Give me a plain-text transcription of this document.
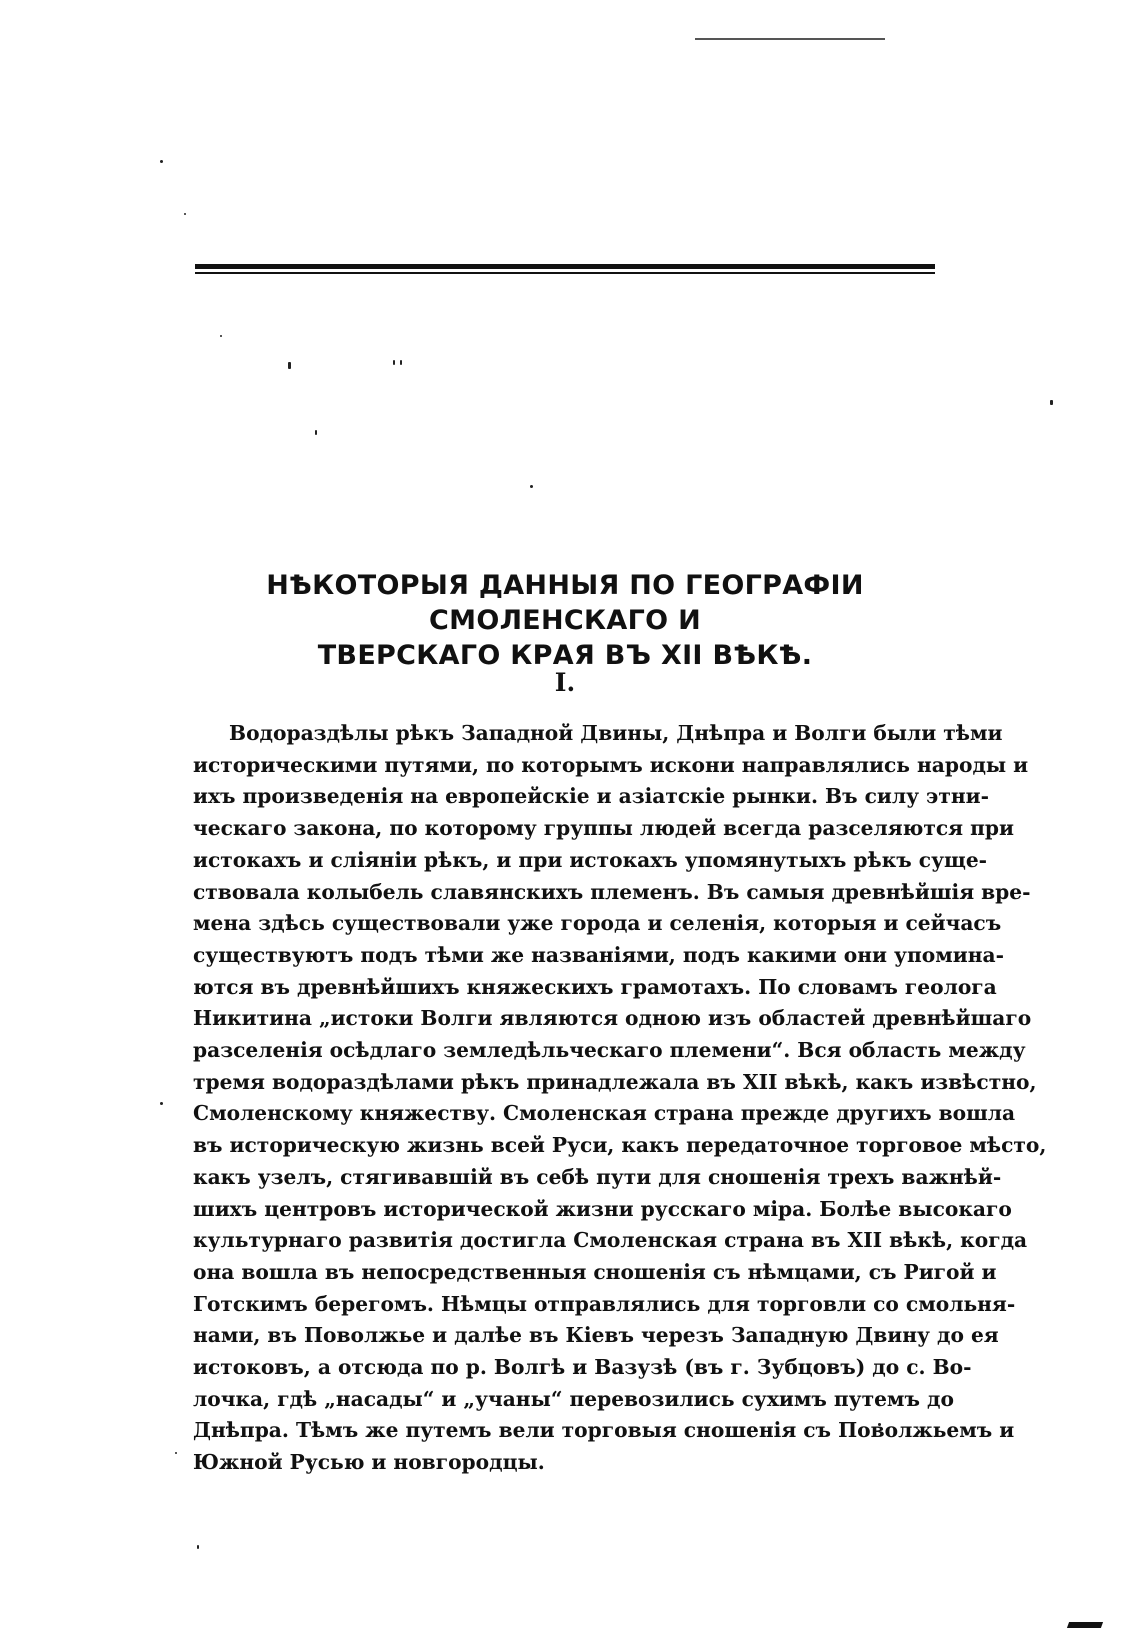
НѢКОТОРЫЯ ДАННЫЯ ПО ГЕОГРАФІИ СМОЛЕНСКАГО И
ТВЕРСКАГО КРАЯ ВЪ XII ВѢКѢ.
I.
Водораздѣлы рѣкъ Западной Двины, Днѣпра и Волги были тѣми
историческими путями, по которымъ искони направлялись народы и
ихъ произведенія на европейскіе и азіатскіе рынки. Въ силу этни-
ческаго закона, по которому группы людей всегда разселяются при
истокахъ и сліяніи рѣкъ, и при истокахъ упомянутыхъ рѣкъ суще-
ствовала колыбель славянскихъ племенъ. Въ самыя древнѣйшія вре-
мена здѣсь существовали уже города и селенія, которыя и сейчасъ
существуютъ подъ тѣми же названіями, подъ какими они упомина-
ются въ древнѣйшихъ княжескихъ грамотахъ. По словамъ геолога
Никитина „истоки Волги являются одною изъ областей древнѣйшаго
разселенія осѣдлаго земледѣльческаго племени“. Вся область между
тремя водораздѣлами рѣкъ принадлежала въ XII вѣкѣ, какъ извѣстно,
Смоленскому княжеству. Смоленская страна прежде другихъ вошла
въ историческую жизнь всей Руси, какъ передаточное торговое мѣсто,
какъ узелъ, стягивавшій въ себѣ пути для сношенія трехъ важнѣй-
шихъ центровъ исторической жизни русскаго міра. Болѣе высокаго
культурнаго развитія достигла Смоленская страна въ XII вѣкѣ, когда
она вошла въ непосредственныя сношенія съ нѣмцами, съ Ригой и
Готскимъ берегомъ. Нѣмцы отправлялись для торговли со смольня-
нами, въ Поволжье и далѣе въ Кіевъ черезъ Западную Двину до ея
истоковъ, а отсюда по р. Волгѣ и Вазузѣ (въ г. Зубцовъ) до с. Во-
лочка, гдѣ „насады“ и „учаны“ перевозились сухимъ путемъ до
Днѣпра. Тѣмъ же путемъ вели торговыя сношенія съ Поволжьемъ и
Южной Русью и новгородцы.
